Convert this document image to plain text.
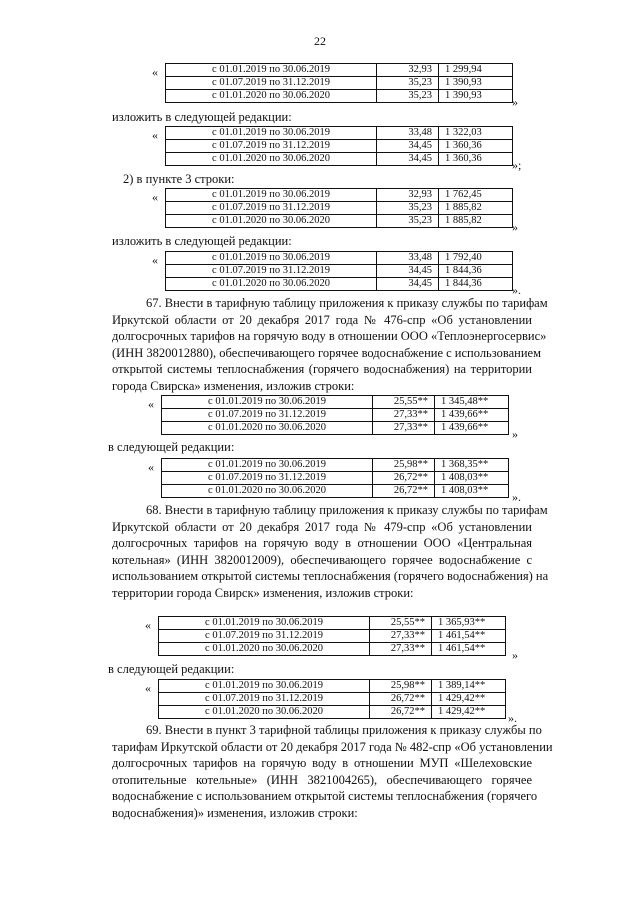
22
«	с 01.01.2019 по 30.06.2019	32,93	1 299,94
с 01.07.2019 по 31.12.2019	35,23	1 390,93
с 01.01.2020 по 30.06.2020	35,23	1 390,93	»
изложить в следующей редакции:
«	с 01.01.2019 по 30.06.2019	33,48	1 322,03
с 01.07.2019 по 31.12.2019	34,45	1 360,36
с 01.01.2020 по 30.06.2020	34,45	1 360,36	»;
2) в пункте 3 строки:
«	с 01.01.2019 по 30.06.2019	32,93	1 762,45
с 01.07.2019 по 31.12.2019	35,23	1 885,82
с 01.01.2020 по 30.06.2020	35,23	1 885,82	»
изложить в следующей редакции:
«	с 01.01.2019 по 30.06.2019	33,48	1 792,40
с 01.07.2019 по 31.12.2019	34,45	1 844,36
с 01.01.2020 по 30.06.2020	34,45	1 844,36	».
67. Внести в тарифную таблицу приложения к приказу службы по тарифам
Иркутской области от 20 декабря 2017 года № 476-спр «Об установлении
долгосрочных тарифов на горячую воду в отношении ООО «Теплоэнергосервис»
(ИНН 3820012880), обеспечивающего горячее водоснабжение с использованием
открытой системы теплоснабжения (горячего водоснабжения) на территории
города Свирска» изменения, изложив строки:
«	с 01.01.2019 по 30.06.2019	25,55**	1 345,48**
с 01.07.2019 по 31.12.2019	27,33**	1 439,66**
с 01.01.2020 по 30.06.2020	27,33**	1 439,66** »
в следующей редакции:
«	с 01.01.2019 по 30.06.2019	25,98**	1 368,35**
с 01.07.2019 по 31.12.2019	26,72**	1 408,03**
с 01.01.2020 по 30.06.2020	26,72**	1 408,03** ».
68. Внести в тарифную таблицу приложения к приказу службы по тарифам
Иркутской области от 20 декабря 2017 года № 479-спр «Об установлении
долгосрочных тарифов на горячую воду в отношении ООО «Центральная
котельная» (ИНН 3820012009), обеспечивающего горячее водоснабжение с
использованием открытой системы теплоснабжения (горячего водоснабжения) на
территории города Свирск» изменения, изложив строки:
«	с 01.01.2019 по 30.06.2019	25,55**	1 365,93**
с 01.07.2019 по 31.12.2019	27,33**	1 461,54**
с 01.01.2020 по 30.06.2020	27,33**	1 461,54** »
в следующей редакции:
«	с 01.01.2019 по 30.06.2019	25,98**	1 389,14**
с 01.07.2019 по 31.12.2019	26,72**	1 429,42**
с 01.01.2020 по 30.06.2020	26,72**	1 429,42** ».
69. Внести в пункт 3 тарифной таблицы приложения к приказу службы по
тарифам Иркутской области от 20 декабря 2017 года № 482-спр «Об установлении
долгосрочных тарифов на горячую воду в отношении МУП «Шелеховские
отопительные котельные» (ИНН 3821004265), обеспечивающего горячее
водоснабжение с использованием открытой системы теплоснабжения (горячего
водоснабжения)» изменения, изложив строки:
